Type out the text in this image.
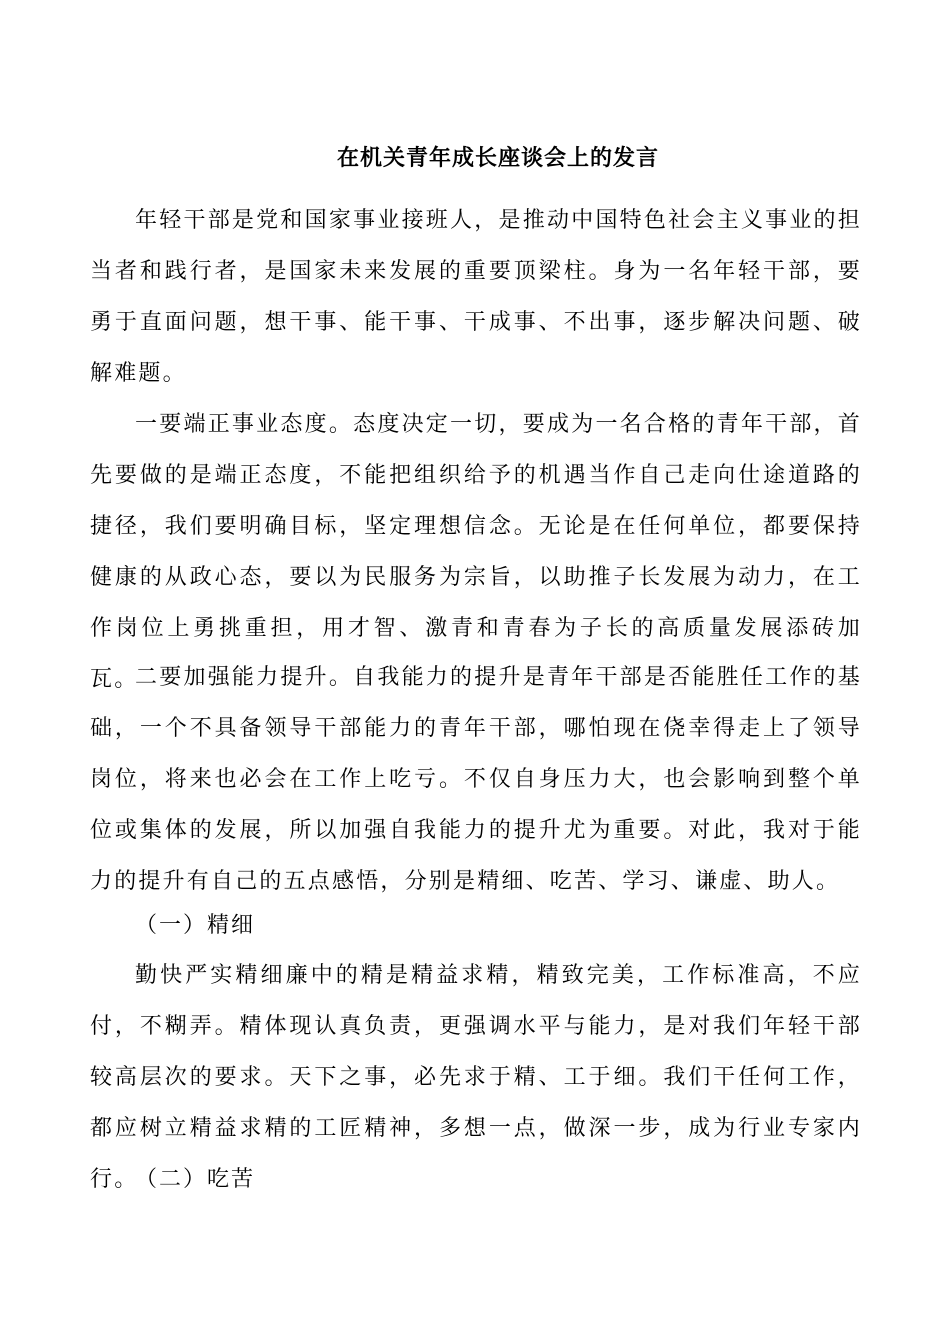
在机关青年成长座谈会上的发言

年轻干部是党和国家事业接班人，是推动中国特色社会主义事业的担当者和践行者，是国家未来发展的重要顶梁柱。身为一名年轻干部，要勇于直面问题，想干事、能干事、干成事、不出事，逐步解决问题、破解难题。

一要端正事业态度。态度决定一切，要成为一名合格的青年干部，首先要做的是端正态度，不能把组织给予的机遇当作自己走向仕途道路的捷径，我们要明确目标，坚定理想信念。无论是在任何单位，都要保持健康的从政心态，要以为民服务为宗旨，以助推子长发展为动力，在工作岗位上勇挑重担，用才智、激青和青春为子长的高质量发展添砖加瓦。

二要加强能力提升。自我能力的提升是青年干部是否能胜任工作的基础，一个不具备领导干部能力的青年干部，哪怕现在侥幸得走上了领导岗位，将来也必会在工作上吃亏。不仅自身压力大，也会影响到整个单位或集体的发展，所以加强自我能力的提升尤为重要。对此，我对于能力的提升有自己的五点感悟，分别是精细、吃苦、学习、谦虚、助人。

（一）精细

勤快严实精细廉中的精是精益求精，精致完美，工作标准高，不应付，不糊弄。精体现认真负责，更强调水平与能力，是对我们年轻干部较高层次的要求。天下之事，必先求于精、工于细。我们干任何工作，都应树立精益求精的工匠精神，多想一点，做深一步，成为行业专家内行。

（二）吃苦
